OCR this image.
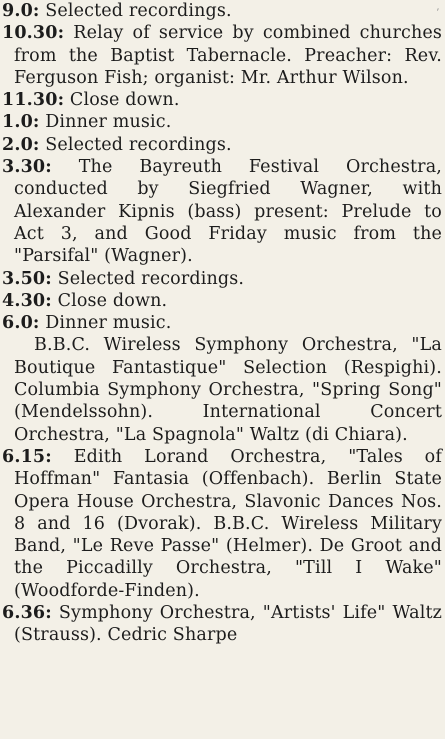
′

9.0 : Selected recordings.

10.30 : Relay of service by combined churches from the Baptist Tabernacle. Preacher: Rev. Ferguson Fish; organist: Mr. Arthur Wilson.

11.30 : Close down.

1.0 : Dinner music.

2.0 : Selected recordings.

3.30 : The Bayreuth Festival Orchestra, conducted by Siegfried Wagner, with Alexander Kipnis (bass) present: Prelude to Act 3, and Good Friday music from the "Parsifal" (Wagner).

3.50 : Selected recordings.

4.30 : Close down.

6.0 : Dinner music.

B.B.C. Wireless Symphony Orchestra, "La Boutique Fantastique" Selection (Respighi). Columbia Symphony Orchestra, "Spring Song" (Mendelssohn). International Concert Orchestra, "La Spagnola" Waltz (di Chiara).

6.15 : Edith Lorand Orchestra, "Tales of Hoffman" Fantasia (Offenbach). Berlin State Opera House Orchestra, Slavonic Dances Nos. 8 and 16 (Dvorak). B.B.C. Wireless Military Band, "Le Reve Passe" (Helmer). De Groot and the Piccadilly Orchestra, "Till I Wake" (Woodforde-Finden).

6.36 : Symphony Orchestra, "Artists' Life" Waltz (Strauss). Cedric Sharpe
